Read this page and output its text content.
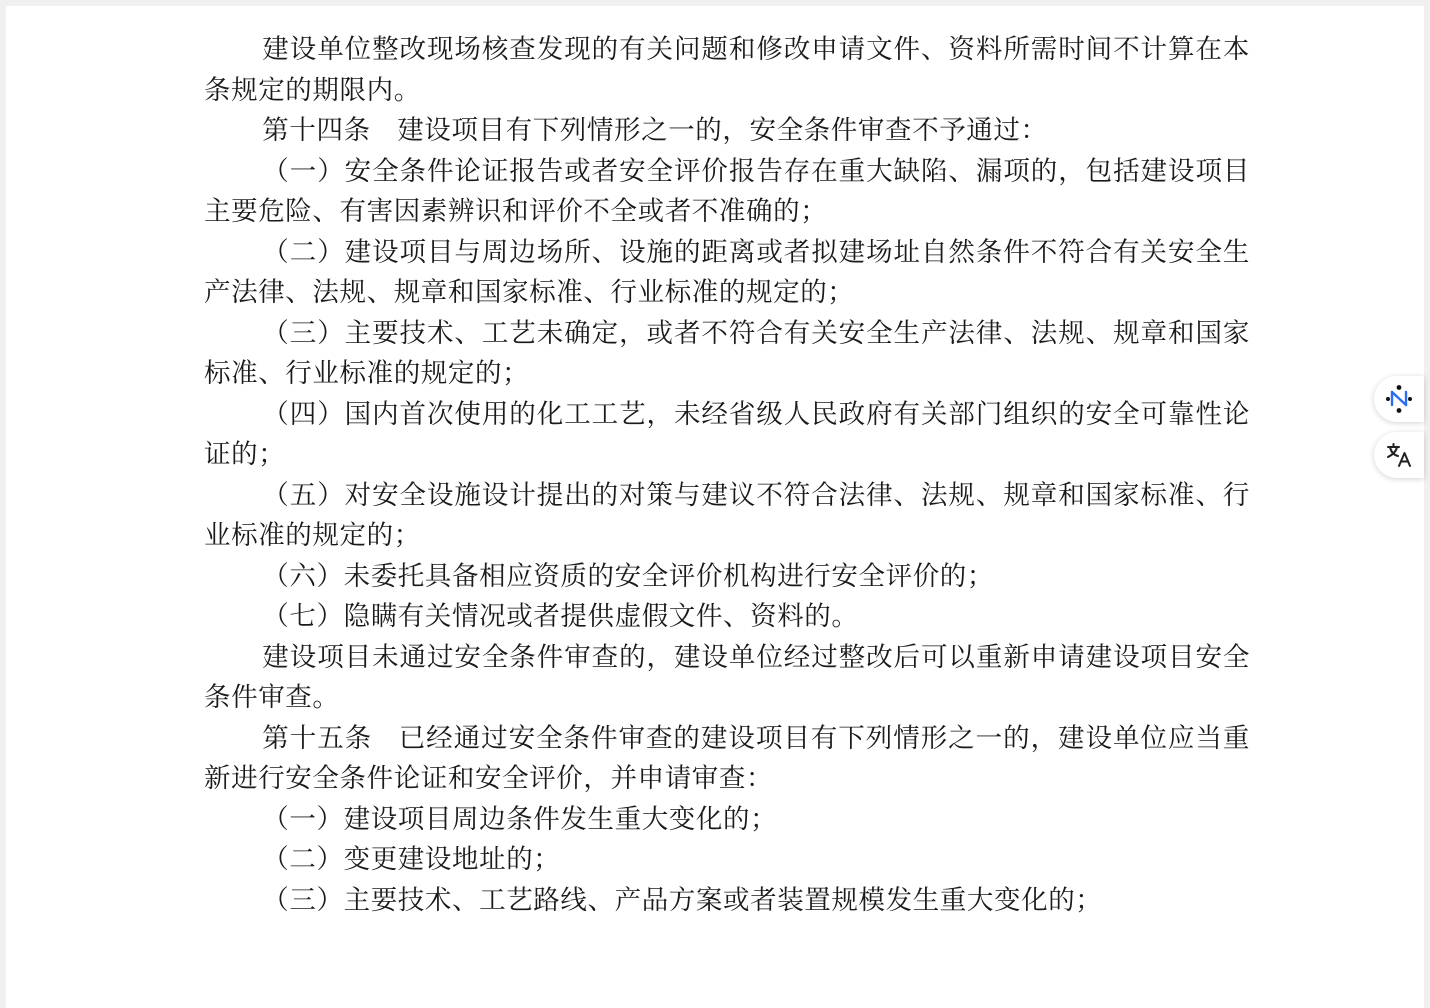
建设单位整改现场核查发现的有关问题和修改申请文件、资料所需时间不计算在本条规定的期限内。

第十四条 建设项目有下列情形之一的，安全条件审查不予通过：

（一）安全条件论证报告或者安全评价报告存在重大缺陷、漏项的，包括建设项目主要危险、有害因素辨识和评价不全或者不准确的；

（二）建设项目与周边场所、设施的距离或者拟建场址自然条件不符合有关安全生产法律、法规、规章和国家标准、行业标准的规定的；

（三）主要技术、工艺未确定，或者不符合有关安全生产法律、法规、规章和国家标准、行业标准的规定的；

（四）国内首次使用的化工工艺，未经省级人民政府有关部门组织的安全可靠性论证的；

（五）对安全设施设计提出的对策与建议不符合法律、法规、规章和国家标准、行业标准的规定的；

（六）未委托具备相应资质的安全评价机构进行安全评价的；

（七）隐瞒有关情况或者提供虚假文件、资料的。

建设项目未通过安全条件审查的，建设单位经过整改后可以重新申请建设项目安全条件审查。

第十五条 已经通过安全条件审查的建设项目有下列情形之一的，建设单位应当重新进行安全条件论证和安全评价，并申请审查：

（一）建设项目周边条件发生重大变化的；

（二）变更建设地址的；

（三）主要技术、工艺路线、产品方案或者装置规模发生重大变化的；
